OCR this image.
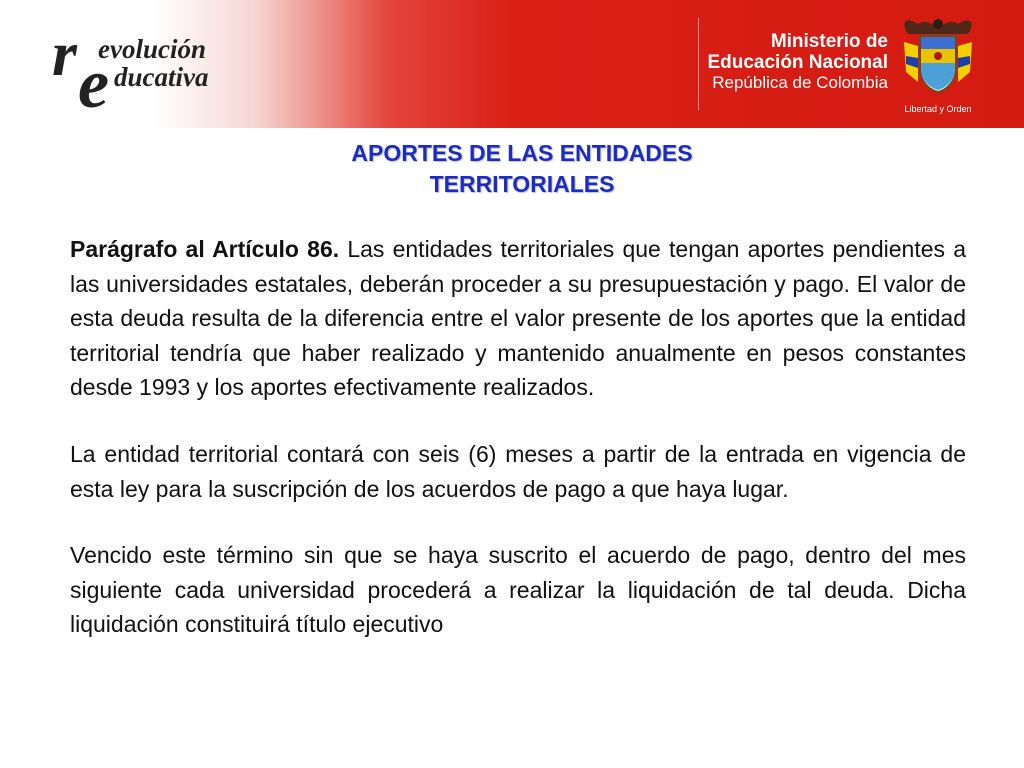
r evolución
e ducativa
Ministerio de
Educación Nacional
República de Colombia
Libertad y Orden
APORTES DE LAS ENTIDADES
TERRITORIALES

Parágrafo al Artículo 86. Las entidades territoriales que tengan aportes pendientes a las universidades estatales, deberán proceder a su presupuestación y pago. El valor de esta deuda resulta de la diferencia entre el valor presente de los aportes que la entidad territorial tendría que haber realizado y mantenido anualmente en pesos constantes desde 1993 y los aportes efectivamente realizados.

La entidad territorial contará con seis (6) meses a partir de la entrada en vigencia de esta ley para la suscripción de los acuerdos de pago a que haya lugar.

Vencido este término sin que se haya suscrito el acuerdo de pago, dentro del mes siguiente cada universidad procederá a realizar la liquidación de tal deuda. Dicha liquidación constituirá título ejecutivo
